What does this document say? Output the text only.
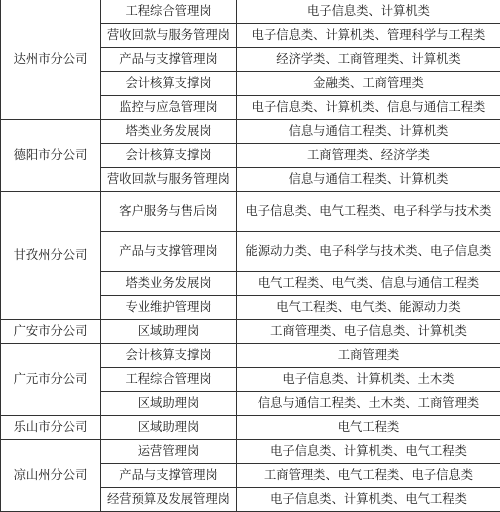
达州市分公司	工程综合管理岗	电子信息类、计算机类
	营收回款与服务管理岗	电子信息类、计算机类、管理科学与工程类
	产品与支撑管理岗	经济学类、工商管理类、计算机类
	会计核算支撑岗	金融类、工商管理类
	监控与应急管理岗	电子信息类、计算机类、信息与通信工程类
德阳市分公司	塔类业务发展岗	信息与通信工程类、计算机类
	会计核算支撑岗	工商管理类、经济学类
	营收回款与服务管理岗	信息与通信工程类、计算机类
甘孜州分公司	客户服务与售后岗	电子信息类、电气工程类、电子科学与技术类
	产品与支撑管理岗	能源动力类、电子科学与技术类、电子信息类
	塔类业务发展岗	电气工程类、电气类、信息与通信工程类
	专业维护管理岗	电气工程类、电气类、能源动力类
广安市分公司	区域助理岗	工商管理类、电子信息类、计算机类
广元市分公司	会计核算支撑岗	工商管理类
	工程综合管理岗	电子信息类、计算机类、土木类
	区域助理岗	信息与通信工程类、土木类、工商管理类
乐山市分公司	区域助理岗	电气工程类
凉山州分公司	运营管理岗	电子信息类、计算机类、电气工程类
	产品与支撑管理岗	工商管理类、电气工程类、电子信息类
	经营预算及发展管理岗	电子信息类、计算机类、电气工程类
